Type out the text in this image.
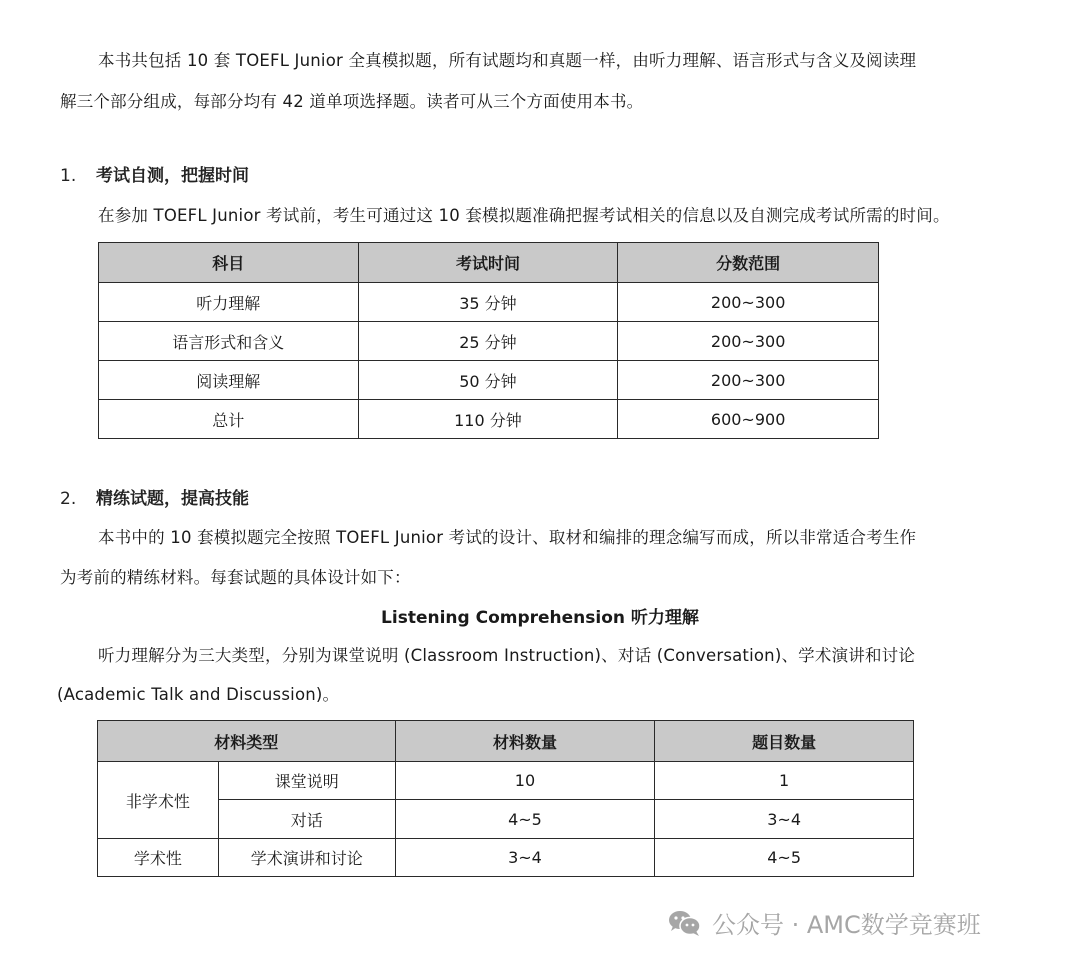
本书共包括 10 套 TOEFL Junior 全真模拟题，所有试题均和真题一样，由听力理解、语言形式与含义及阅读理
解三个部分组成，每部分均有 42 道单项选择题。读者可从三个方面使用本书。
1. 考试自测，把握时间
在参加 TOEFL Junior 考试前，考生可通过这 10 套模拟题准确把握考试相关的信息以及自测完成考试所需的时间。
科目	考试时间	分数范围
听力理解	35 分钟	200~300
语言形式和含义	25 分钟	200~300
阅读理解	50 分钟	200~300
总计	110 分钟	600~900
2. 精练试题，提高技能
本书中的 10 套模拟题完全按照 TOEFL Junior 考试的设计、取材和编排的理念编写而成，所以非常适合考生作
为考前的精练材料。每套试题的具体设计如下：
Listening Comprehension 听力理解
听力理解分为三大类型，分别为课堂说明 (Classroom Instruction)、对话 (Conversation)、学术演讲和讨论
(Academic Talk and Discussion)。
材料类型		材料数量	题目数量
非学术性	课堂说明	10	1
	对话	4~5	3~4
学术性	学术演讲和讨论	3~4	4~5
公众号 · AMC数学竞赛班
